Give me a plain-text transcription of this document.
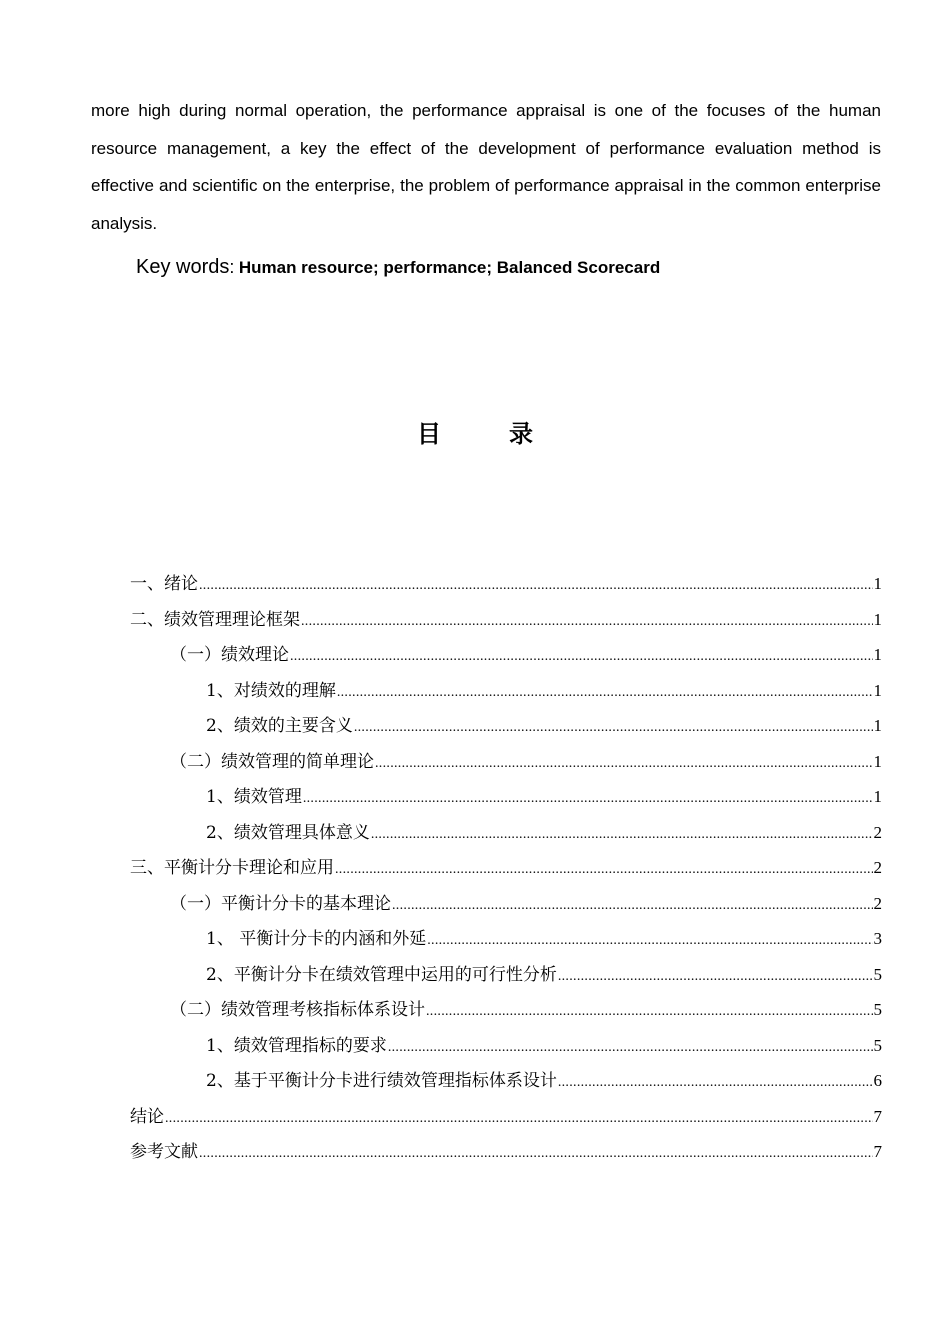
more high during normal operation, the performance appraisal is one of the focuses of the human resource management, a key the effect of the development of performance evaluation method is effective and scientific on the enterprise, the problem of performance appraisal in the common enterprise analysis.
Key words: Human resource; performance; Balanced Scorecard
目录
一、绪论 .....	1
二、绩效管理理论框架 .....	1
（一）绩效理论 .....	1
1、对绩效的理解 .....	1
2、绩效的主要含义 .....	1
（二）绩效管理的简单理论 .....	1
1、绩效管理 .....	1
2、绩效管理具体意义 .....	2
三、平衡计分卡理论和应用 .....	2
（一）平衡计分卡的基本理论 .....	2
1、 平衡计分卡的内涵和外延 .....	3
2、平衡计分卡在绩效管理中运用的可行性分析 .....	5
（二）绩效管理考核指标体系设计 .....	5
1、绩效管理指标的要求 .....	5
2、基于平衡计分卡进行绩效管理指标体系设计 .....	6
结论 .....	7
参考文献 .....	7
